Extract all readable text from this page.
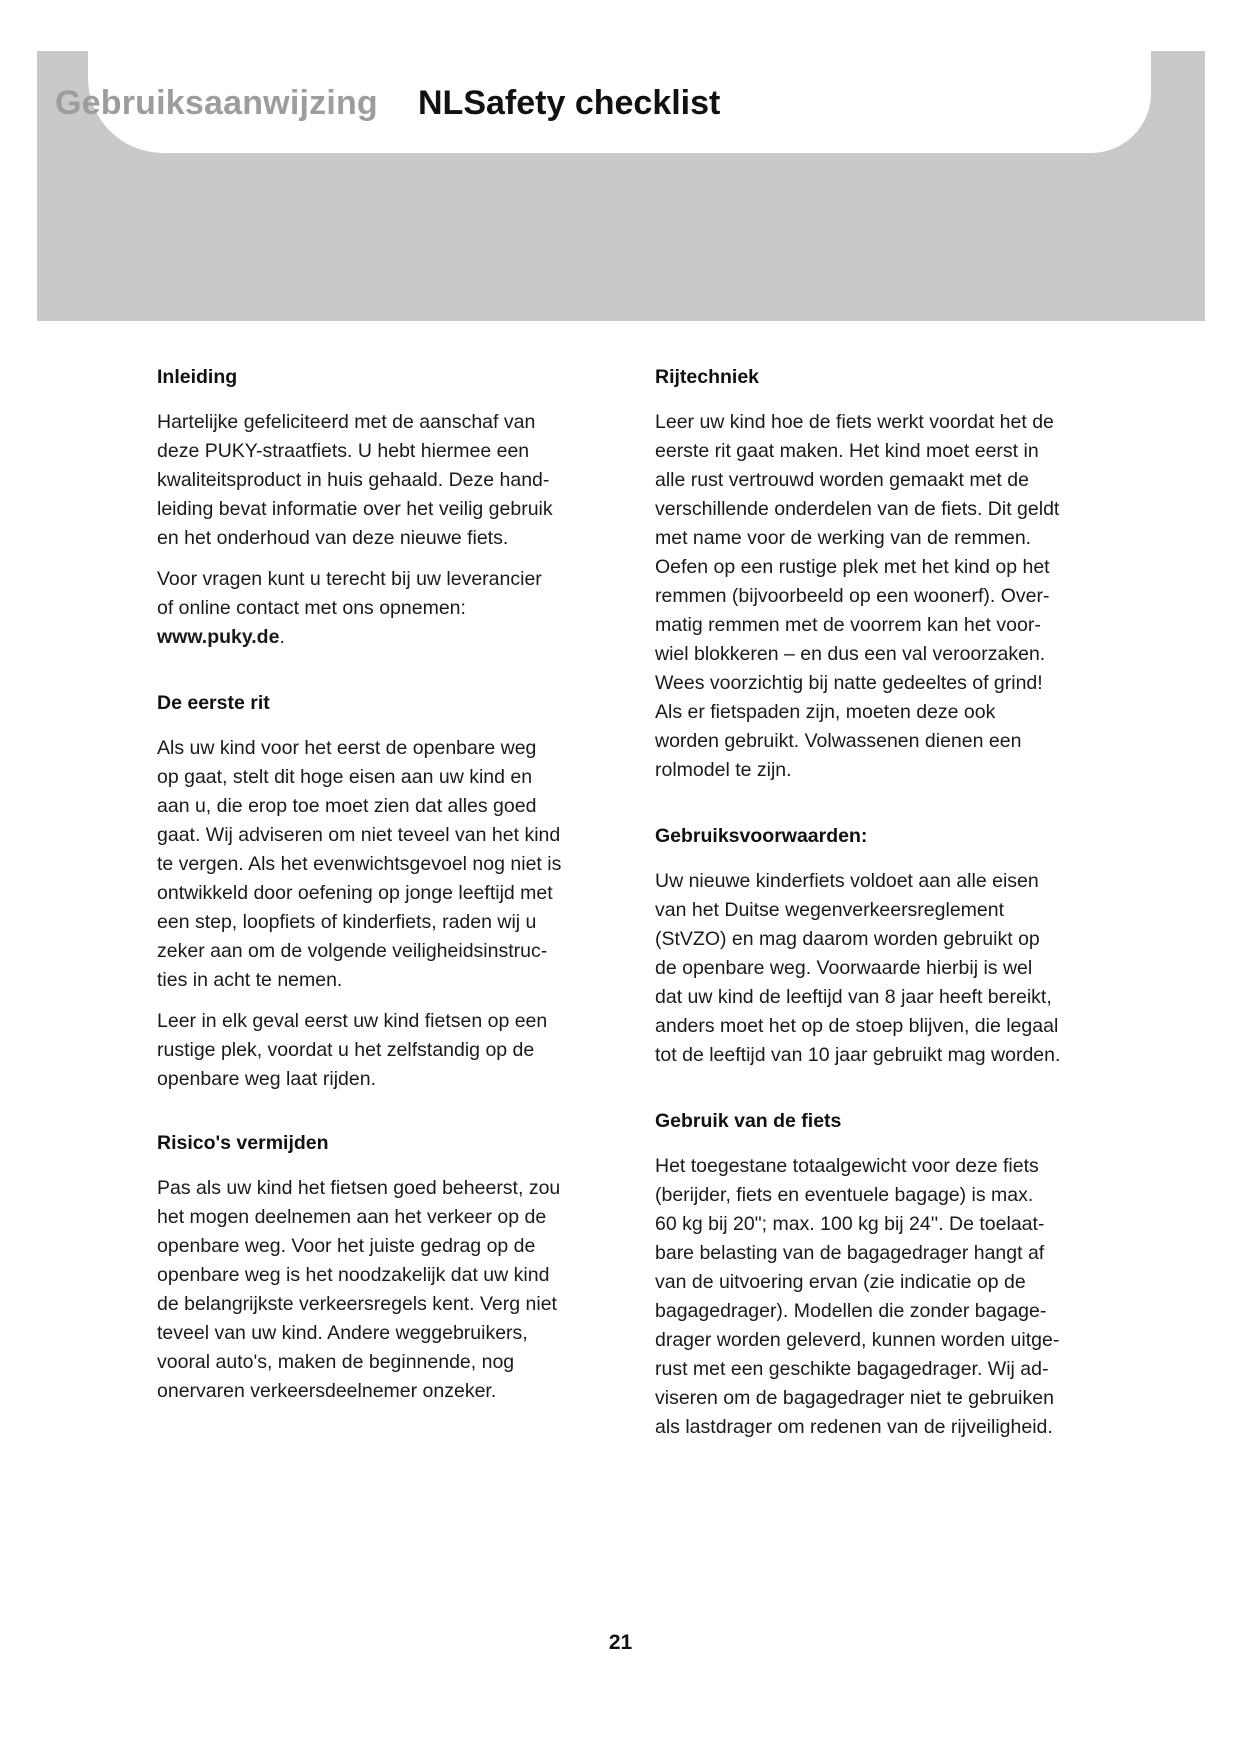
Gebruiksaanwijzing NLSafety checklist
Inleiding

Hartelijke gefeliciteerd met de aanschaf van
deze PUKY-straatfiets. U hebt hiermee een
kwaliteitsproduct in huis gehaald. Deze hand-
leiding bevat informatie over het veilig gebruik
en het onderhoud van deze nieuwe fiets.

Voor vragen kunt u terecht bij uw leverancier
of online contact met ons opnemen:
www.puky.de.

De eerste rit

Als uw kind voor het eerst de openbare weg
op gaat, stelt dit hoge eisen aan uw kind en
aan u, die erop toe moet zien dat alles goed
gaat. Wij adviseren om niet teveel van het kind
te vergen. Als het evenwichtsgevoel nog niet is
ontwikkeld door oefening op jonge leeftijd met
een step, loopfiets of kinderfiets, raden wij u
zeker aan om de volgende veiligheidsinstruc-
ties in acht te nemen.

Leer in elk geval eerst uw kind fietsen op een
rustige plek, voordat u het zelfstandig op de
openbare weg laat rijden.

Risico's vermijden

Pas als uw kind het fietsen goed beheerst, zou
het mogen deelnemen aan het verkeer op de
openbare weg. Voor het juiste gedrag op de
openbare weg is het noodzakelijk dat uw kind
de belangrijkste verkeersregels kent. Verg niet
teveel van uw kind. Andere weggebruikers,
vooral auto's, maken de beginnende, nog
onervaren verkeersdeelnemer onzeker.

Rijtechniek

Leer uw kind hoe de fiets werkt voordat het de
eerste rit gaat maken. Het kind moet eerst in
alle rust vertrouwd worden gemaakt met de
verschillende onderdelen van de fiets. Dit geldt
met name voor de werking van de remmen.
Oefen op een rustige plek met het kind op het
remmen (bijvoorbeeld op een woonerf). Over-
matig remmen met de voorrem kan het voor-
wiel blokkeren – en dus een val veroorzaken.
Wees voorzichtig bij natte gedeeltes of grind!
Als er fietspaden zijn, moeten deze ook
worden gebruikt. Volwassenen dienen een
rolmodel te zijn.

Gebruiksvoorwaarden:

Uw nieuwe kinderfiets voldoet aan alle eisen
van het Duitse wegenverkeersreglement
(StVZO) en mag daarom worden gebruikt op
de openbare weg. Voorwaarde hierbij is wel
dat uw kind de leeftijd van 8 jaar heeft bereikt,
anders moet het op de stoep blijven, die legaal
tot de leeftijd van 10 jaar gebruikt mag worden.

Gebruik van de fiets

Het toegestane totaalgewicht voor deze fiets
(berijder, fiets en eventuele bagage) is max.
60 kg bij 20"; max. 100 kg bij 24''. De toelaat-
bare belasting van de bagagedrager hangt af
van de uitvoering ervan (zie indicatie op de
bagagedrager). Modellen die zonder bagage-
drager worden geleverd, kunnen worden uitge-
rust met een geschikte bagagedrager. Wij ad-
viseren om de bagagedrager niet te gebruiken
als lastdrager om redenen van de rijveiligheid.

21
